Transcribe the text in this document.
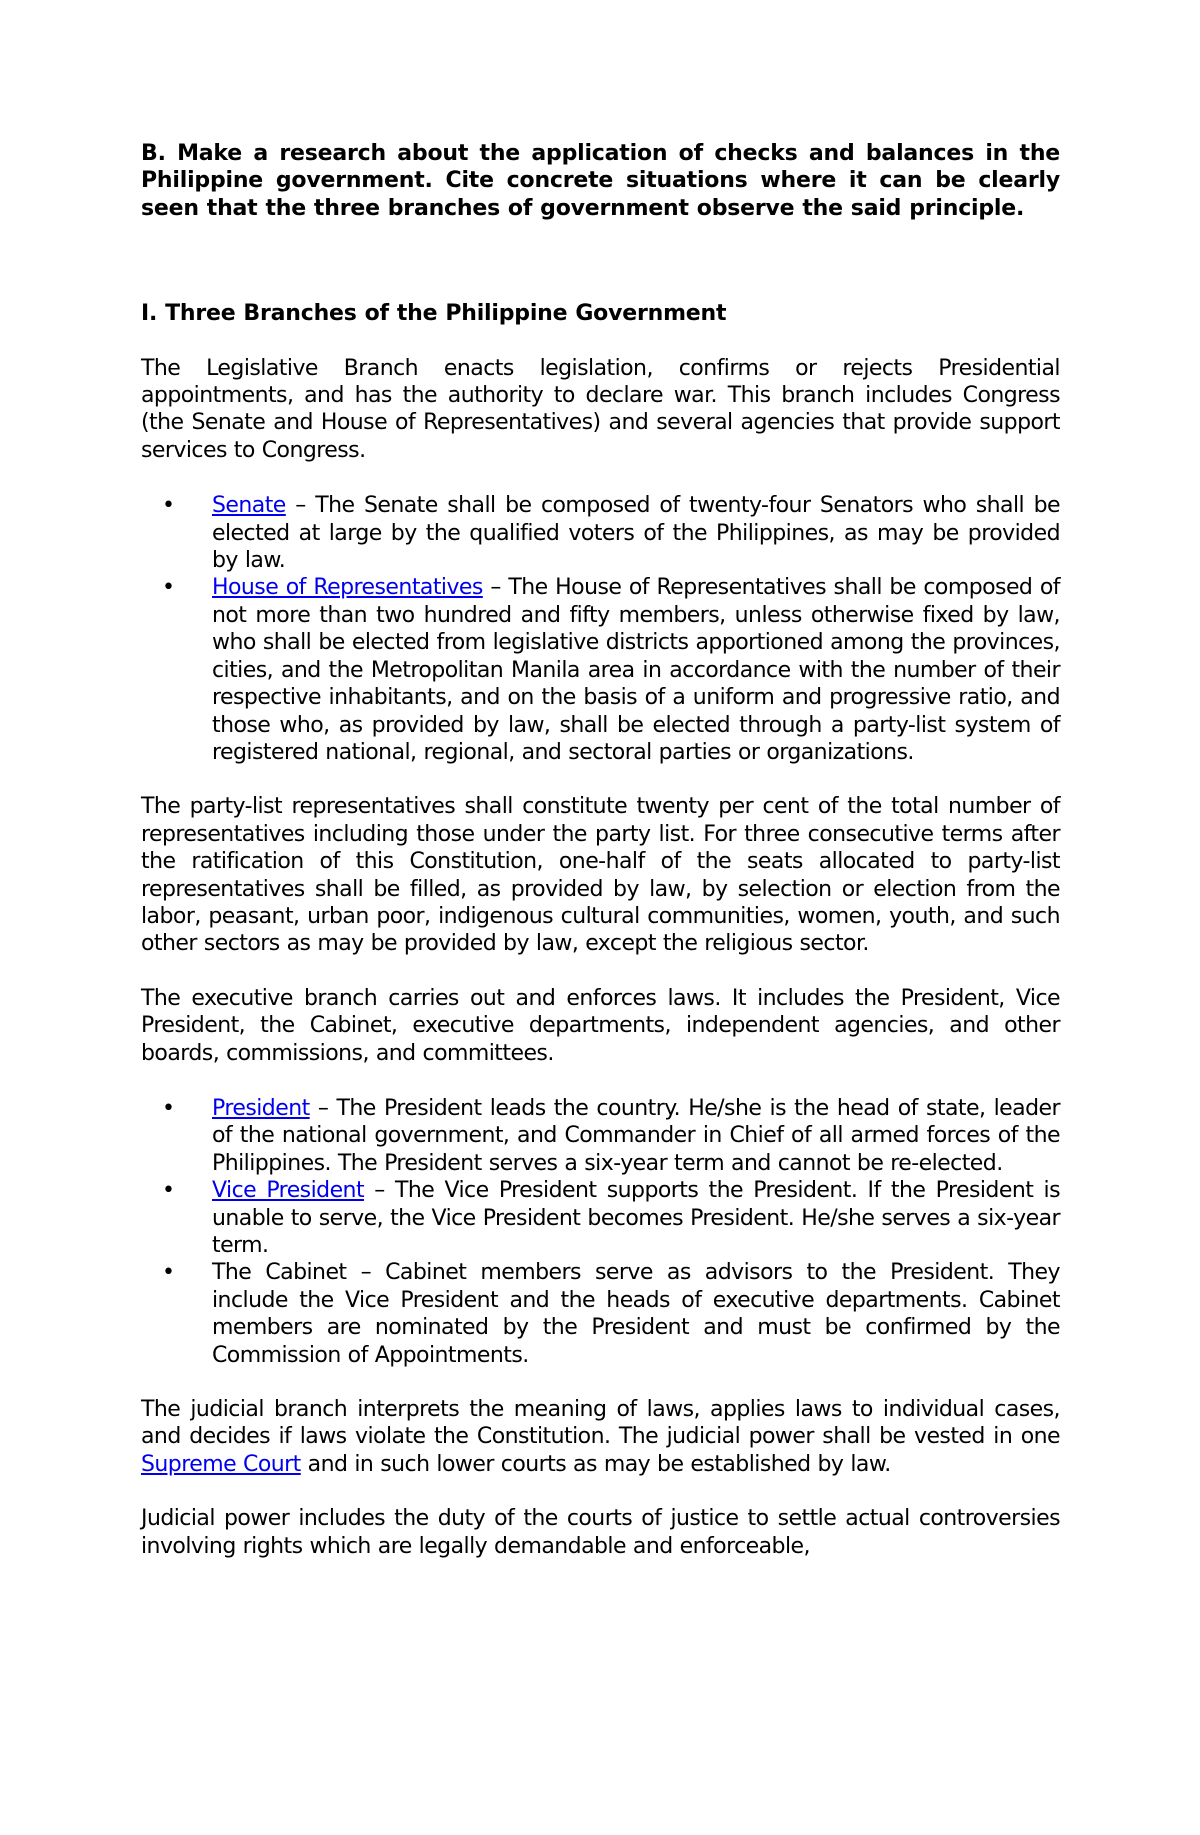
B. Make a research about the application of checks and balances in the Philippine government. Cite concrete situations where it can be clearly seen that the three branches of government observe the said principle.

I. Three Branches of the Philippine Government

The Legislative Branch enacts legislation, confirms or rejects Presidential appointments, and has the authority to declare war. This branch includes Congress (the Senate and House of Representatives) and several agencies that provide support services to Congress.

• Senate – The Senate shall be composed of twenty-four Senators who shall be elected at large by the qualified voters of the Philippines, as may be provided by law.

• House of Representatives – The House of Representatives shall be composed of not more than two hundred and fifty members, unless otherwise fixed by law, who shall be elected from legislative districts apportioned among the provinces, cities, and the Metropolitan Manila area in accordance with the number of their respective inhabitants, and on the basis of a uniform and progressive ratio, and those who, as provided by law, shall be elected through a party-list system of registered national, regional, and sectoral parties or organizations.

The party-list representatives shall constitute twenty per cent of the total number of representatives including those under the party list. For three consecutive terms after the ratification of this Constitution, one-half of the seats allocated to party-list representatives shall be filled, as provided by law, by selection or election from the labor, peasant, urban poor, indigenous cultural communities, women, youth, and such other sectors as may be provided by law, except the religious sector.

The executive branch carries out and enforces laws. It includes the President, Vice President, the Cabinet, executive departments, independent agencies, and other boards, commissions, and committees.

• President – The President leads the country. He/she is the head of state, leader of the national government, and Commander in Chief of all armed forces of the Philippines. The President serves a six-year term and cannot be re-elected.

• Vice President – The Vice President supports the President. If the President is unable to serve, the Vice President becomes President. He/she serves a six-year term.

• The Cabinet – Cabinet members serve as advisors to the President. They include the Vice President and the heads of executive departments. Cabinet members are nominated by the President and must be confirmed by the Commission of Appointments.

The judicial branch interprets the meaning of laws, applies laws to individual cases, and decides if laws violate the Constitution. The judicial power shall be vested in one Supreme Court and in such lower courts as may be established by law.

Judicial power includes the duty of the courts of justice to settle actual controversies involving rights which are legally demandable and enforceable,
